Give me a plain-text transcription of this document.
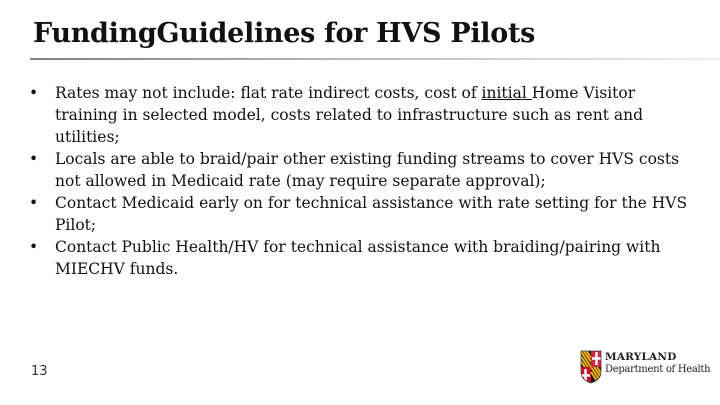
FundingGuidelines for HVS Pilots
• Rates may not include: flat rate indirect costs, cost of initial Home Visitor training in selected model, costs related to infrastructure such as rent and utilities;
• Locals are able to braid/pair other existing funding streams to cover HVS costs not allowed in Medicaid rate (may require separate approval);
• Contact Medicaid early on for technical assistance with rate setting for the HVS Pilot;
• Contact Public Health/HV for technical assistance with braiding/pairing with MIECHV funds.
13
MARYLAND
Department of Health
